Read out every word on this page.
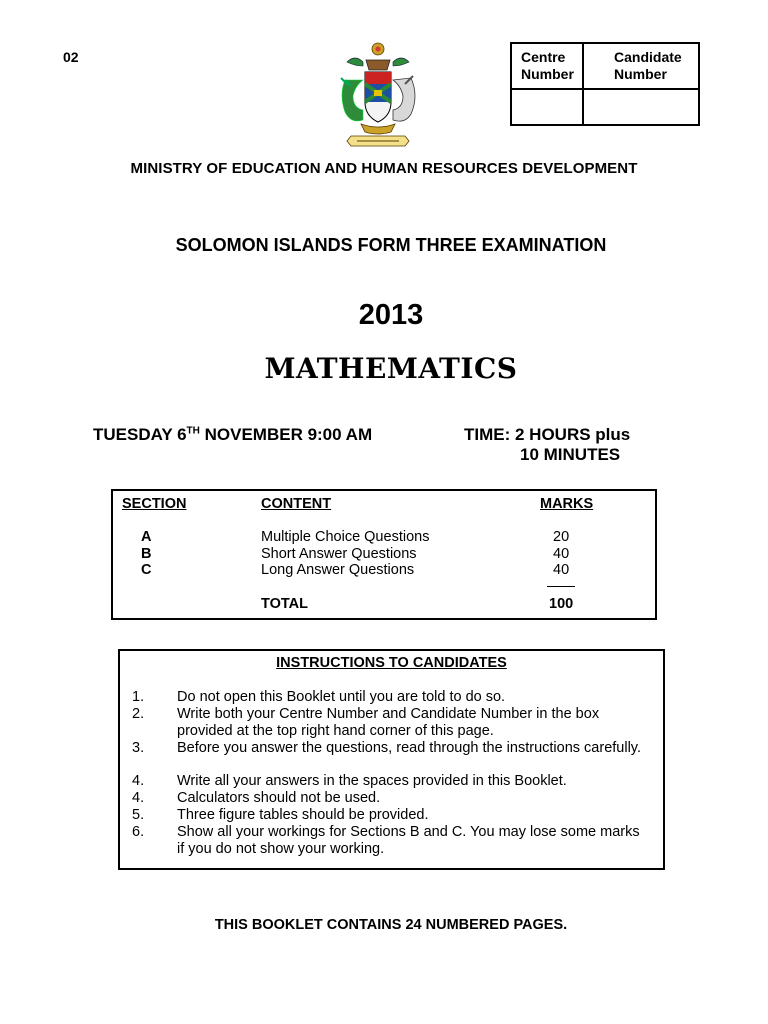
02	Centre Number
Candidate Number
MINISTRY OF EDUCATION AND HUMAN RESOURCES DEVELOPMENT
SOLOMON ISLANDS FORM THREE EXAMINATION
2013
MATHEMATICS
TUESDAY 6TH NOVEMBER 9:00 AM	TIME: 2 HOURS plus
10 MINUTES
SECTION	CONTENT	MARKS
A	Multiple Choice Questions	20
B	Short Answer Questions	40
C	Long Answer Questions	40
TOTAL	100
INSTRUCTIONS TO CANDIDATES
1. Do not open this Booklet until you are told to do so.
2. Write both your Centre Number and Candidate Number in the box provided at the top right hand corner of this page.
3. Before you answer the questions, read through the instructions carefully.
4. Write all your answers in the spaces provided in this Booklet.
4. Calculators should not be used.
5. Three figure tables should be provided.
6. Show all your workings for Sections B and C. You may lose some marks if you do not show your working.
THIS BOOKLET CONTAINS 24 NUMBERED PAGES.
